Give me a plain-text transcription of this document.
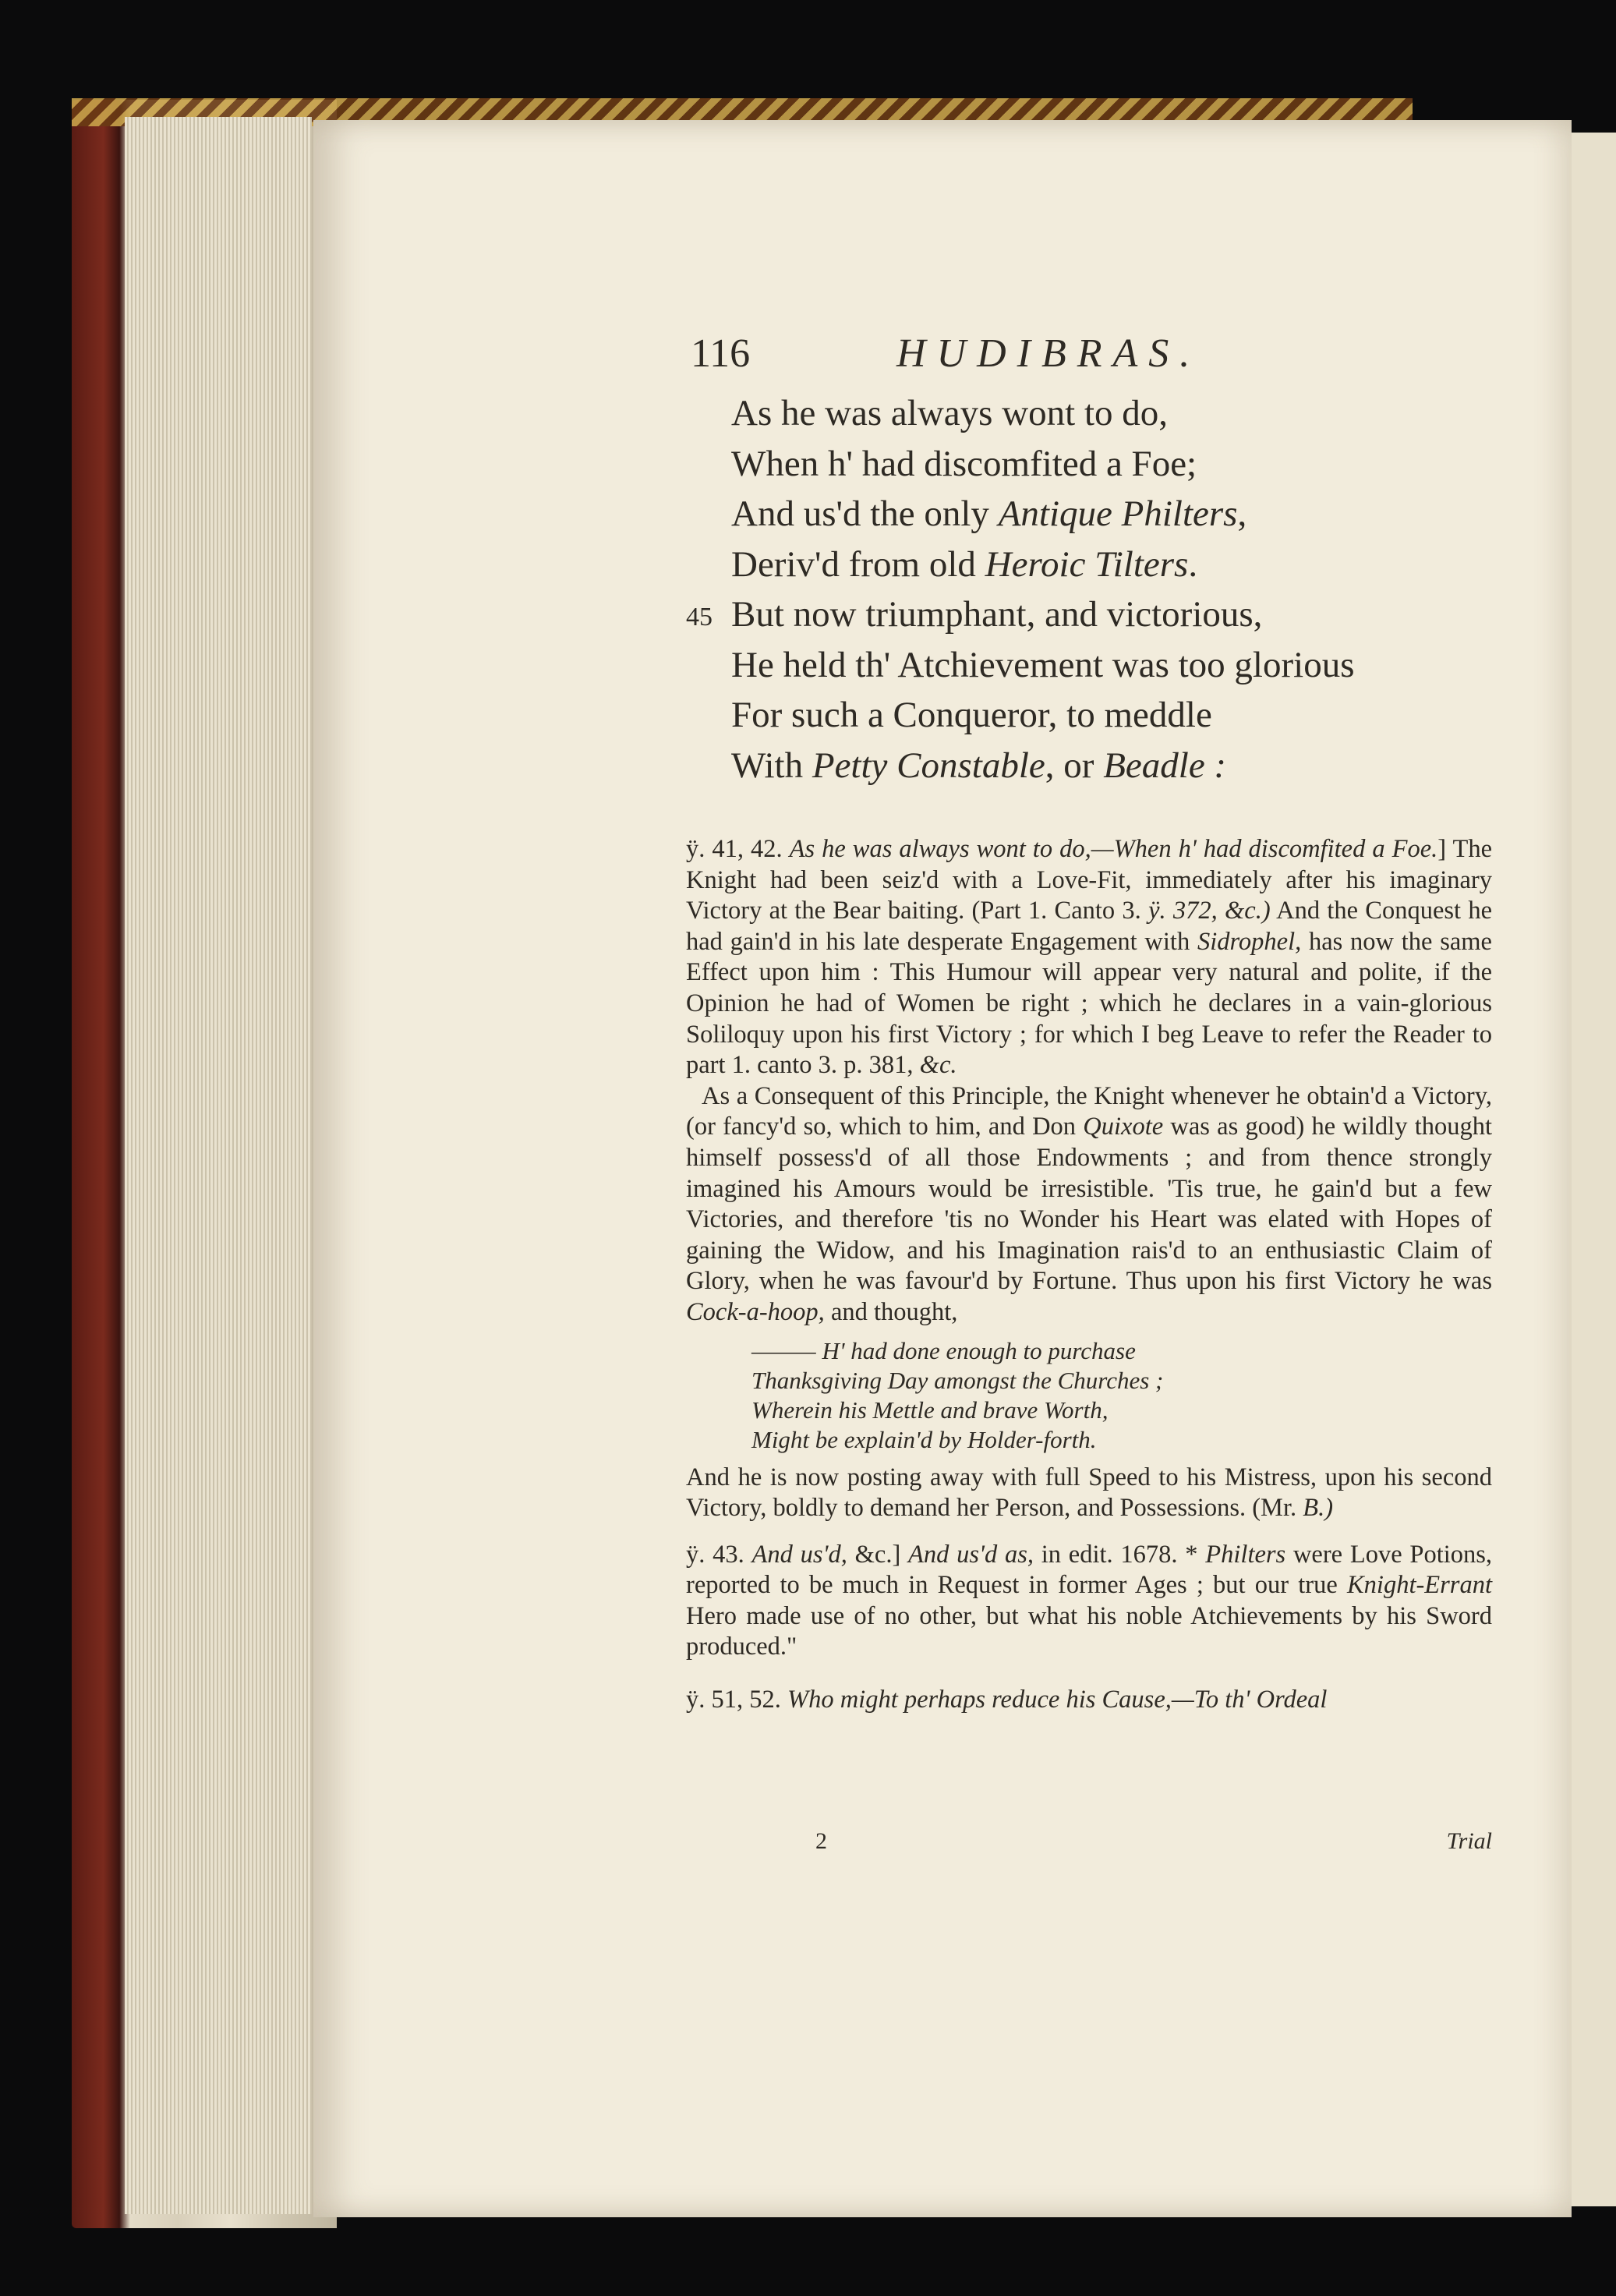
116	HUDIBRAS.
As he was always wont to do,
When h' had discomfited a Foe;
And us'd the only Antique Philters,
Deriv'd from old Heroic Tilters.
45 But now triumphant, and victorious,
He held th' Atchievement was too glorious
For such a Conqueror, to meddle
With Petty Constable, or Beadle :

ÿ. 41, 42. As he was always wont to do,—When h' had discomfited a Foe.] The Knight had been seiz'd with a Love-Fit, immediately after his imaginary Victory at the Bear baiting. (Part 1. Canto 3. ÿ. 372, &c.) And the Conquest he had gain'd in his late desperate Engagement with Sidrophel, has now the same Effect upon him : This Humour will appear very natural and polite, if the Opinion he had of Women be right ; which he declares in a vain-glorious Soliloquy upon his first Victory ; for which I beg Leave to refer the Reader to part 1. canto 3. p. 381, &c.

As a Consequent of this Principle, the Knight whenever he obtain'd a Victory, (or fancy'd so, which to him, and Don Quixote was as good) he wildly thought himself possess'd of all those Endowments ; and from thence strongly imagined his Amours would be irresistible. 'Tis true, he gain'd but a few Victories, and therefore 'tis no Wonder his Heart was elated with Hopes of gaining the Widow, and his Imagination rais'd to an enthusiastic Claim of Glory, when he was favour'd by Fortune. Thus upon his first Victory he was Cock-a-hoop, and thought,

——— H' had done enough to purchase
Thanksgiving Day amongst the Churches ;
Wherein his Mettle and brave Worth,
Might be explain'd by Holder-forth.

And he is now posting away with full Speed to his Mistress, upon his second Victory, boldly to demand her Person, and Possessions. (Mr. B.)

ÿ. 43. And us'd, &c.] And us'd as, in edit. 1678. * Philters were Love Potions, reported to be much in Request in former Ages ; but our true Knight-Errant Hero made use of no other, but what his noble Atchievements by his Sword produced."

ÿ. 51, 52. Who might perhaps reduce his Cause,—To th' Ordeal

2	Trial
